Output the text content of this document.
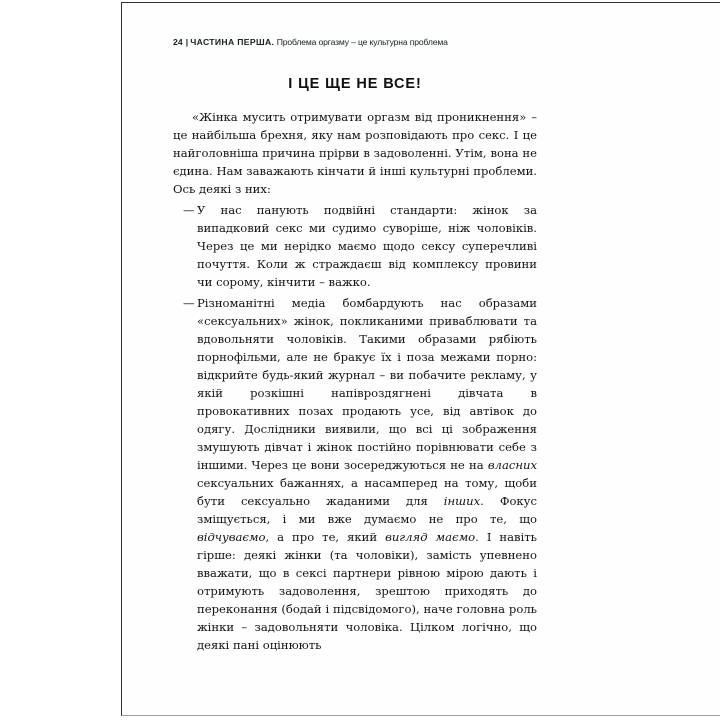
24 | ЧАСТИНА ПЕРША. Проблема оргазму – це культурна проблема
І ЦЕ ЩЕ НЕ ВСЕ!

«Жінка мусить отримувати оргазм від проникнення» – це найбільша брехня, яку нам розповідають про секс. І це найголовніша причина прірви в задоволенні. Утім, вона не єдина. Нам заважають кінчати й інші культурні проблеми. Ось деякі з них:

— У нас панують подвійні стандарти: жінок за випадковий секс ми судимо суворіше, ніж чоловіків. Через це ми нерідко маємо щодо сексу суперечливі почуття. Коли ж страждаєш від комплексу провини чи сорому, кінчити – важко.
— Різноманітні медіа бомбардують нас образами «сексуальних» жінок, покликаними приваблювати та вдовольняти чоловіків. Такими образами рябіють порнофільми, але не бракує їх і поза межами порно: відкрийте будь-який журнал – ви побачите рекламу, у якій розкішні напівроздягнені дівчата в провокативних позах продають усе, від автівок до одягу. Дослідники виявили, що всі ці зображення змушують дівчат і жінок постійно порівнювати себе з іншими. Через це вони зосереджуються не на власних сексуальних бажаннях, а насамперед на тому, щоби бути сексуально жаданими для інших. Фокус зміщується, і ми вже думаємо не про те, що відчуваємо, а про те, який вигляд маємо. І навіть гірше: деякі жінки (та чоловіки), замість упевнено вважати, що в сексі партнери рівною мірою дають і отримують задоволення, зрештою приходять до переконання (бодай і підсвідомого), наче головна роль жінки – задовольняти чоловіка. Цілком логічно, що деякі пані оцінюють
